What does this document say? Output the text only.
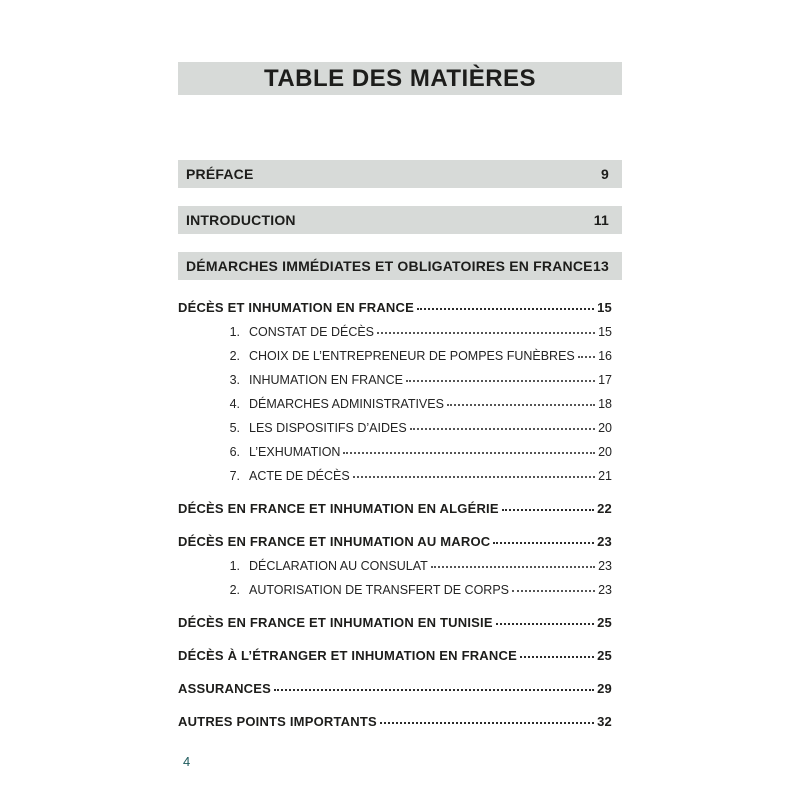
TABLE DES MATIÈRES
PRÉFACE	9
INTRODUCTION	11
DÉMARCHES IMMÉDIATES ET OBLIGATOIRES EN FRANCE 13
DÉCÈS ET INHUMATION EN FRANCE	15
1. CONSTAT DE DÉCÈS	15
2. CHOIX DE L’ENTREPRENEUR DE POMPES FUNÈBRES 16
3. INHUMATION EN FRANCE	17
4. DÉMARCHES ADMINISTRATIVES	18
5. LES DISPOSITIFS D’AIDES	20
6. L’EXHUMATION	20
7. ACTE DE DÉCÈS	21
DÉCÈS EN FRANCE ET INHUMATION EN ALGÉRIE	22
DÉCÈS EN FRANCE ET INHUMATION AU MAROC	23
1. DÉCLARATION AU CONSULAT	23
2. AUTORISATION DE TRANSFERT DE CORPS	23
DÉCÈS EN FRANCE ET INHUMATION EN TUNISIE	25
DÉCÈS À L’ÉTRANGER ET INHUMATION EN FRANCE	25
ASSURANCES	29
AUTRES POINTS IMPORTANTS	32
4
